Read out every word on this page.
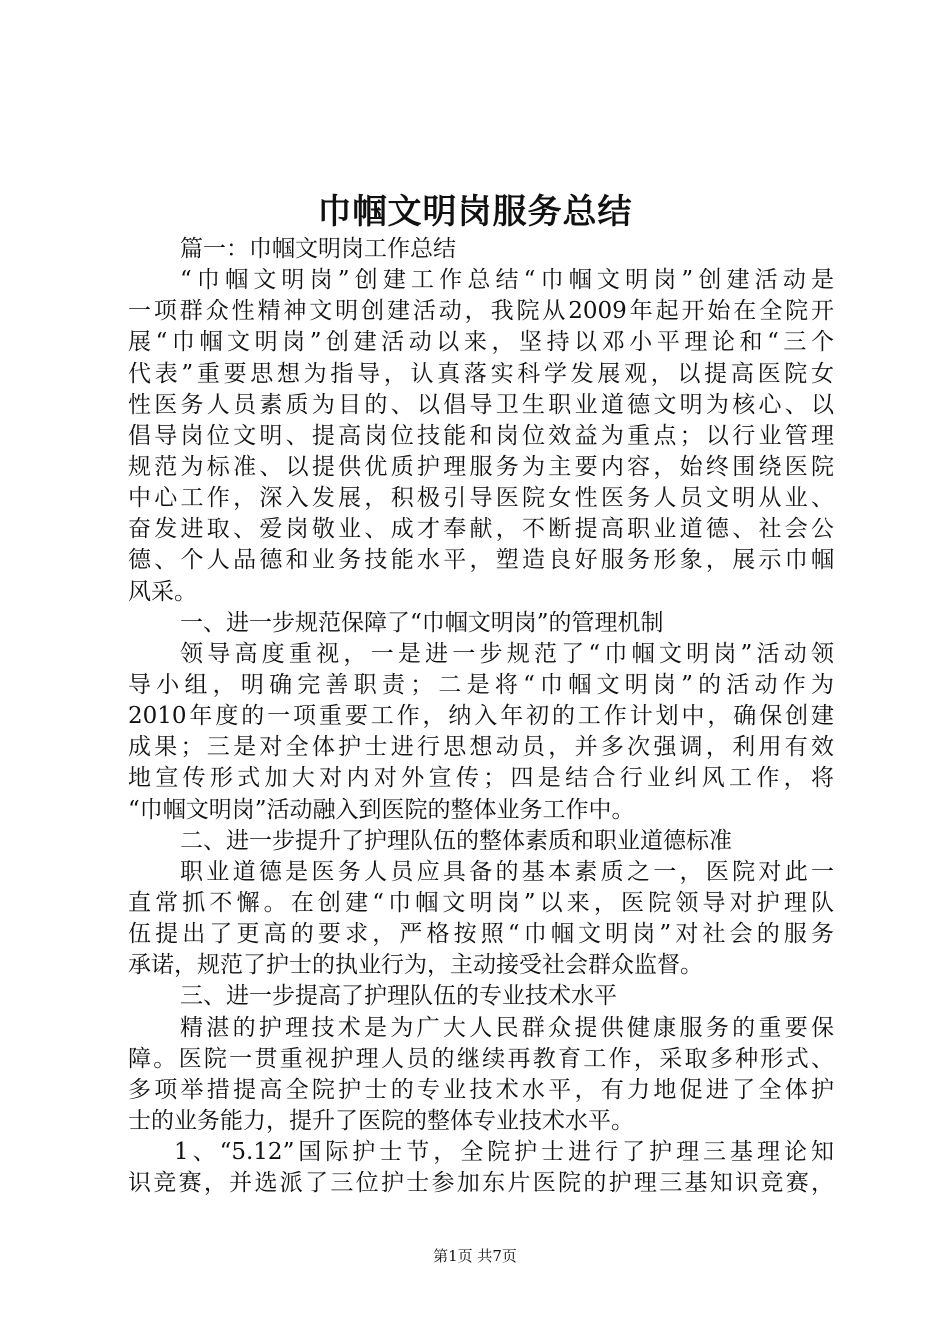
巾帼文明岗服务总结
篇一：巾帼文明岗工作总结
“巾帼文明岗”创建工作总结“巾帼文明岗”创建活动是
一项群众性精神文明创建活动，我院从2009年起开始在全院开
展“巾帼文明岗”创建活动以来，坚持以邓小平理论和“三个
代表”重要思想为指导，认真落实科学发展观，以提高医院女
性医务人员素质为目的、以倡导卫生职业道德文明为核心、以
倡导岗位文明、提高岗位技能和岗位效益为重点；以行业管理
规范为标准、以提供优质护理服务为主要内容，始终围绕医院
中心工作，深入发展，积极引导医院女性医务人员文明从业、
奋发进取、爱岗敬业、成才奉献，不断提高职业道德、社会公
德、个人品德和业务技能水平，塑造良好服务形象，展示巾帼
风采。
一、进一步规范保障了“巾帼文明岗”的管理机制
领导高度重视，一是进一步规范了“巾帼文明岗”活动领
导小组，明确完善职责；二是将“巾帼文明岗”的活动作为
2010年度的一项重要工作，纳入年初的工作计划中，确保创建
成果；三是对全体护士进行思想动员，并多次强调，利用有效
地宣传形式加大对内对外宣传；四是结合行业纠风工作，将
“巾帼文明岗”活动融入到医院的整体业务工作中。
二、进一步提升了护理队伍的整体素质和职业道德标准
职业道德是医务人员应具备的基本素质之一，医院对此一
直常抓不懈。在创建“巾帼文明岗”以来，医院领导对护理队
伍提出了更高的要求，严格按照“巾帼文明岗”对社会的服务
承诺，规范了护士的执业行为，主动接受社会群众监督。
三、进一步提高了护理队伍的专业技术水平
精湛的护理技术是为广大人民群众提供健康服务的重要保
障。医院一贯重视护理人员的继续再教育工作，采取多种形式、
多项举措提高全院护士的专业技术水平，有力地促进了全体护
士的业务能力，提升了医院的整体专业技术水平。
1、“5.12”国际护士节，全院护士进行了护理三基理论知
识竞赛，并选派了三位护士参加东片医院的护理三基知识竞赛，
第1页 共7页
